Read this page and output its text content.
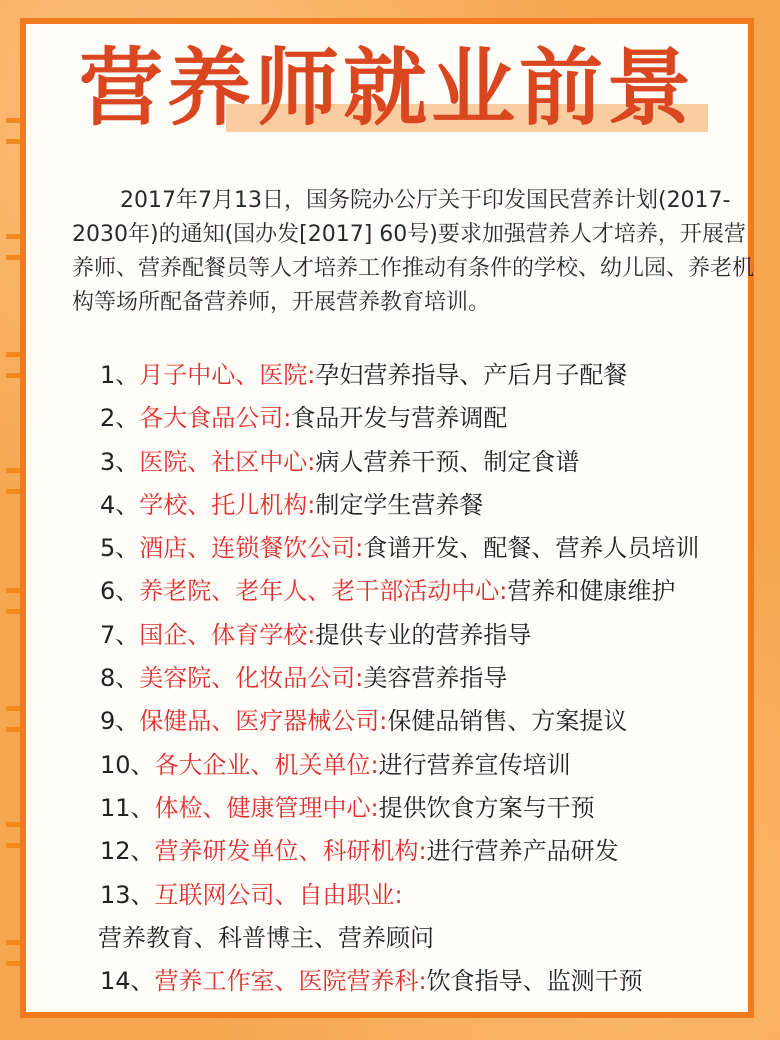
营养师就业前景
2017年7月13日，国务院办公厅关于印发国民营养计划(2017-2030年)的通知(国办发[2017] 60号)要求加强营养人才培养，开展营养师、营养配餐员等人才培养工作推动有条件的学校、幼儿园、养老机构等场所配备营养师，开展营养教育培训。
1、月子中心、医院:孕妇营养指导、产后月子配餐
2、各大食品公司:食品开发与营养调配
3、医院、社区中心:病人营养干预、制定食谱
4、学校、托儿机构:制定学生营养餐
5、酒店、连锁餐饮公司:食谱开发、配餐、营养人员培训
6、养老院、老年人、老干部活动中心:营养和健康维护
7、国企、体育学校:提供专业的营养指导
8、美容院、化妆品公司:美容营养指导
9、保健品、医疗器械公司:保健品销售、方案提议
10、各大企业、机关单位:进行营养宣传培训
11、体检、健康管理中心:提供饮食方案与干预
12、营养研发单位、科研机构:进行营养产品研发
13、互联网公司、自由职业:
营养教育、科普博主、营养顾问
14、营养工作室、医院营养科:饮食指导、监测干预
